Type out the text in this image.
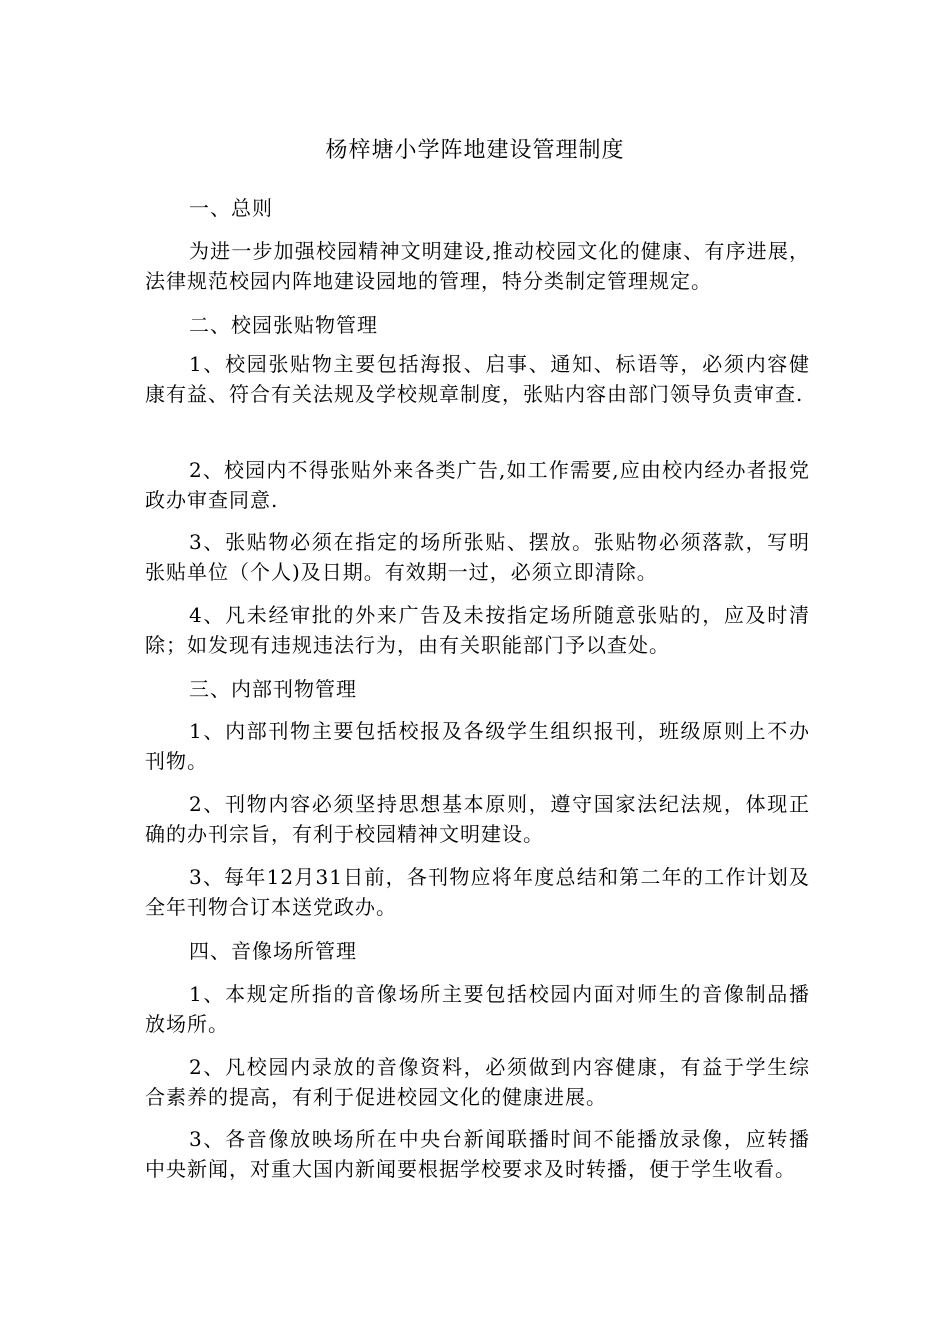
杨梓塘小学阵地建设管理制度
一、总则
为进一步加强校园精神文明建设,推动校园文化的健康、有序进展，法律规范校园内阵地建设园地的管理，特分类制定管理规定。
二、校园张贴物管理
1、校园张贴物主要包括海报、启事、通知、标语等，必须内容健康有益、符合有关法规及学校规章制度，张贴内容由部门领导负责审查.
2、校园内不得张贴外来各类广告,如工作需要,应由校内经办者报党政办审查同意.
3、张贴物必须在指定的场所张贴、摆放。张贴物必须落款，写明张贴单位（个人)及日期。有效期一过，必须立即清除。
4、凡未经审批的外来广告及未按指定场所随意张贴的，应及时清除；如发现有违规违法行为，由有关职能部门予以查处。
三、内部刊物管理
1、内部刊物主要包括校报及各级学生组织报刊，班级原则上不办刊物。
2、刊物内容必须坚持思想基本原则，遵守国家法纪法规，体现正确的办刊宗旨，有利于校园精神文明建设。
3、每年12月31日前，各刊物应将年度总结和第二年的工作计划及全年刊物合订本送党政办。
四、音像场所管理
1、本规定所指的音像场所主要包括校园内面对师生的音像制品播放场所。
2、凡校园内录放的音像资料，必须做到内容健康，有益于学生综合素养的提高，有利于促进校园文化的健康进展。
3、各音像放映场所在中央台新闻联播时间不能播放录像，应转播中央新闻，对重大国内新闻要根据学校要求及时转播，便于学生收看。
